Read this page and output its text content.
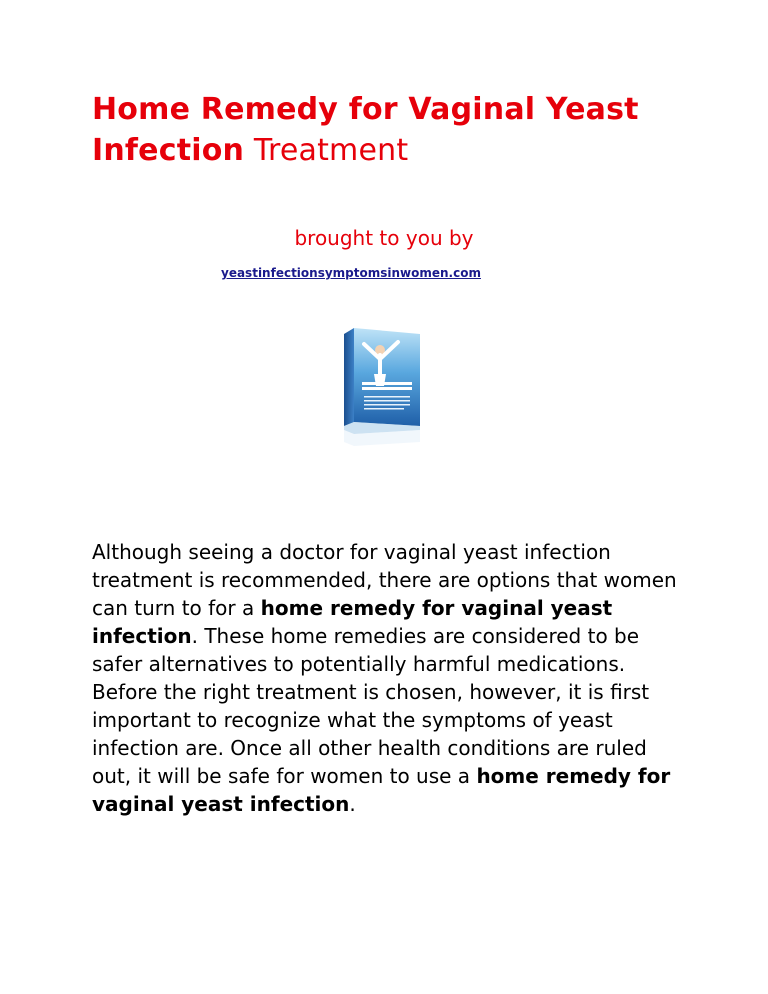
Home Remedy for Vaginal Yeast Infection Treatment
brought to you by
yeastinfectionsymptomsinwomen.com
Although seeing a doctor for vaginal yeast infection treatment is recommended, there are options that women can turn to for a home remedy for vaginal yeast infection. These home remedies are considered to be safer alternatives to potentially harmful medications. Before the right treatment is chosen, however, it is first important to recognize what the symptoms of yeast infection are. Once all other health conditions are ruled out, it will be safe for women to use a home remedy for vaginal yeast infection.
